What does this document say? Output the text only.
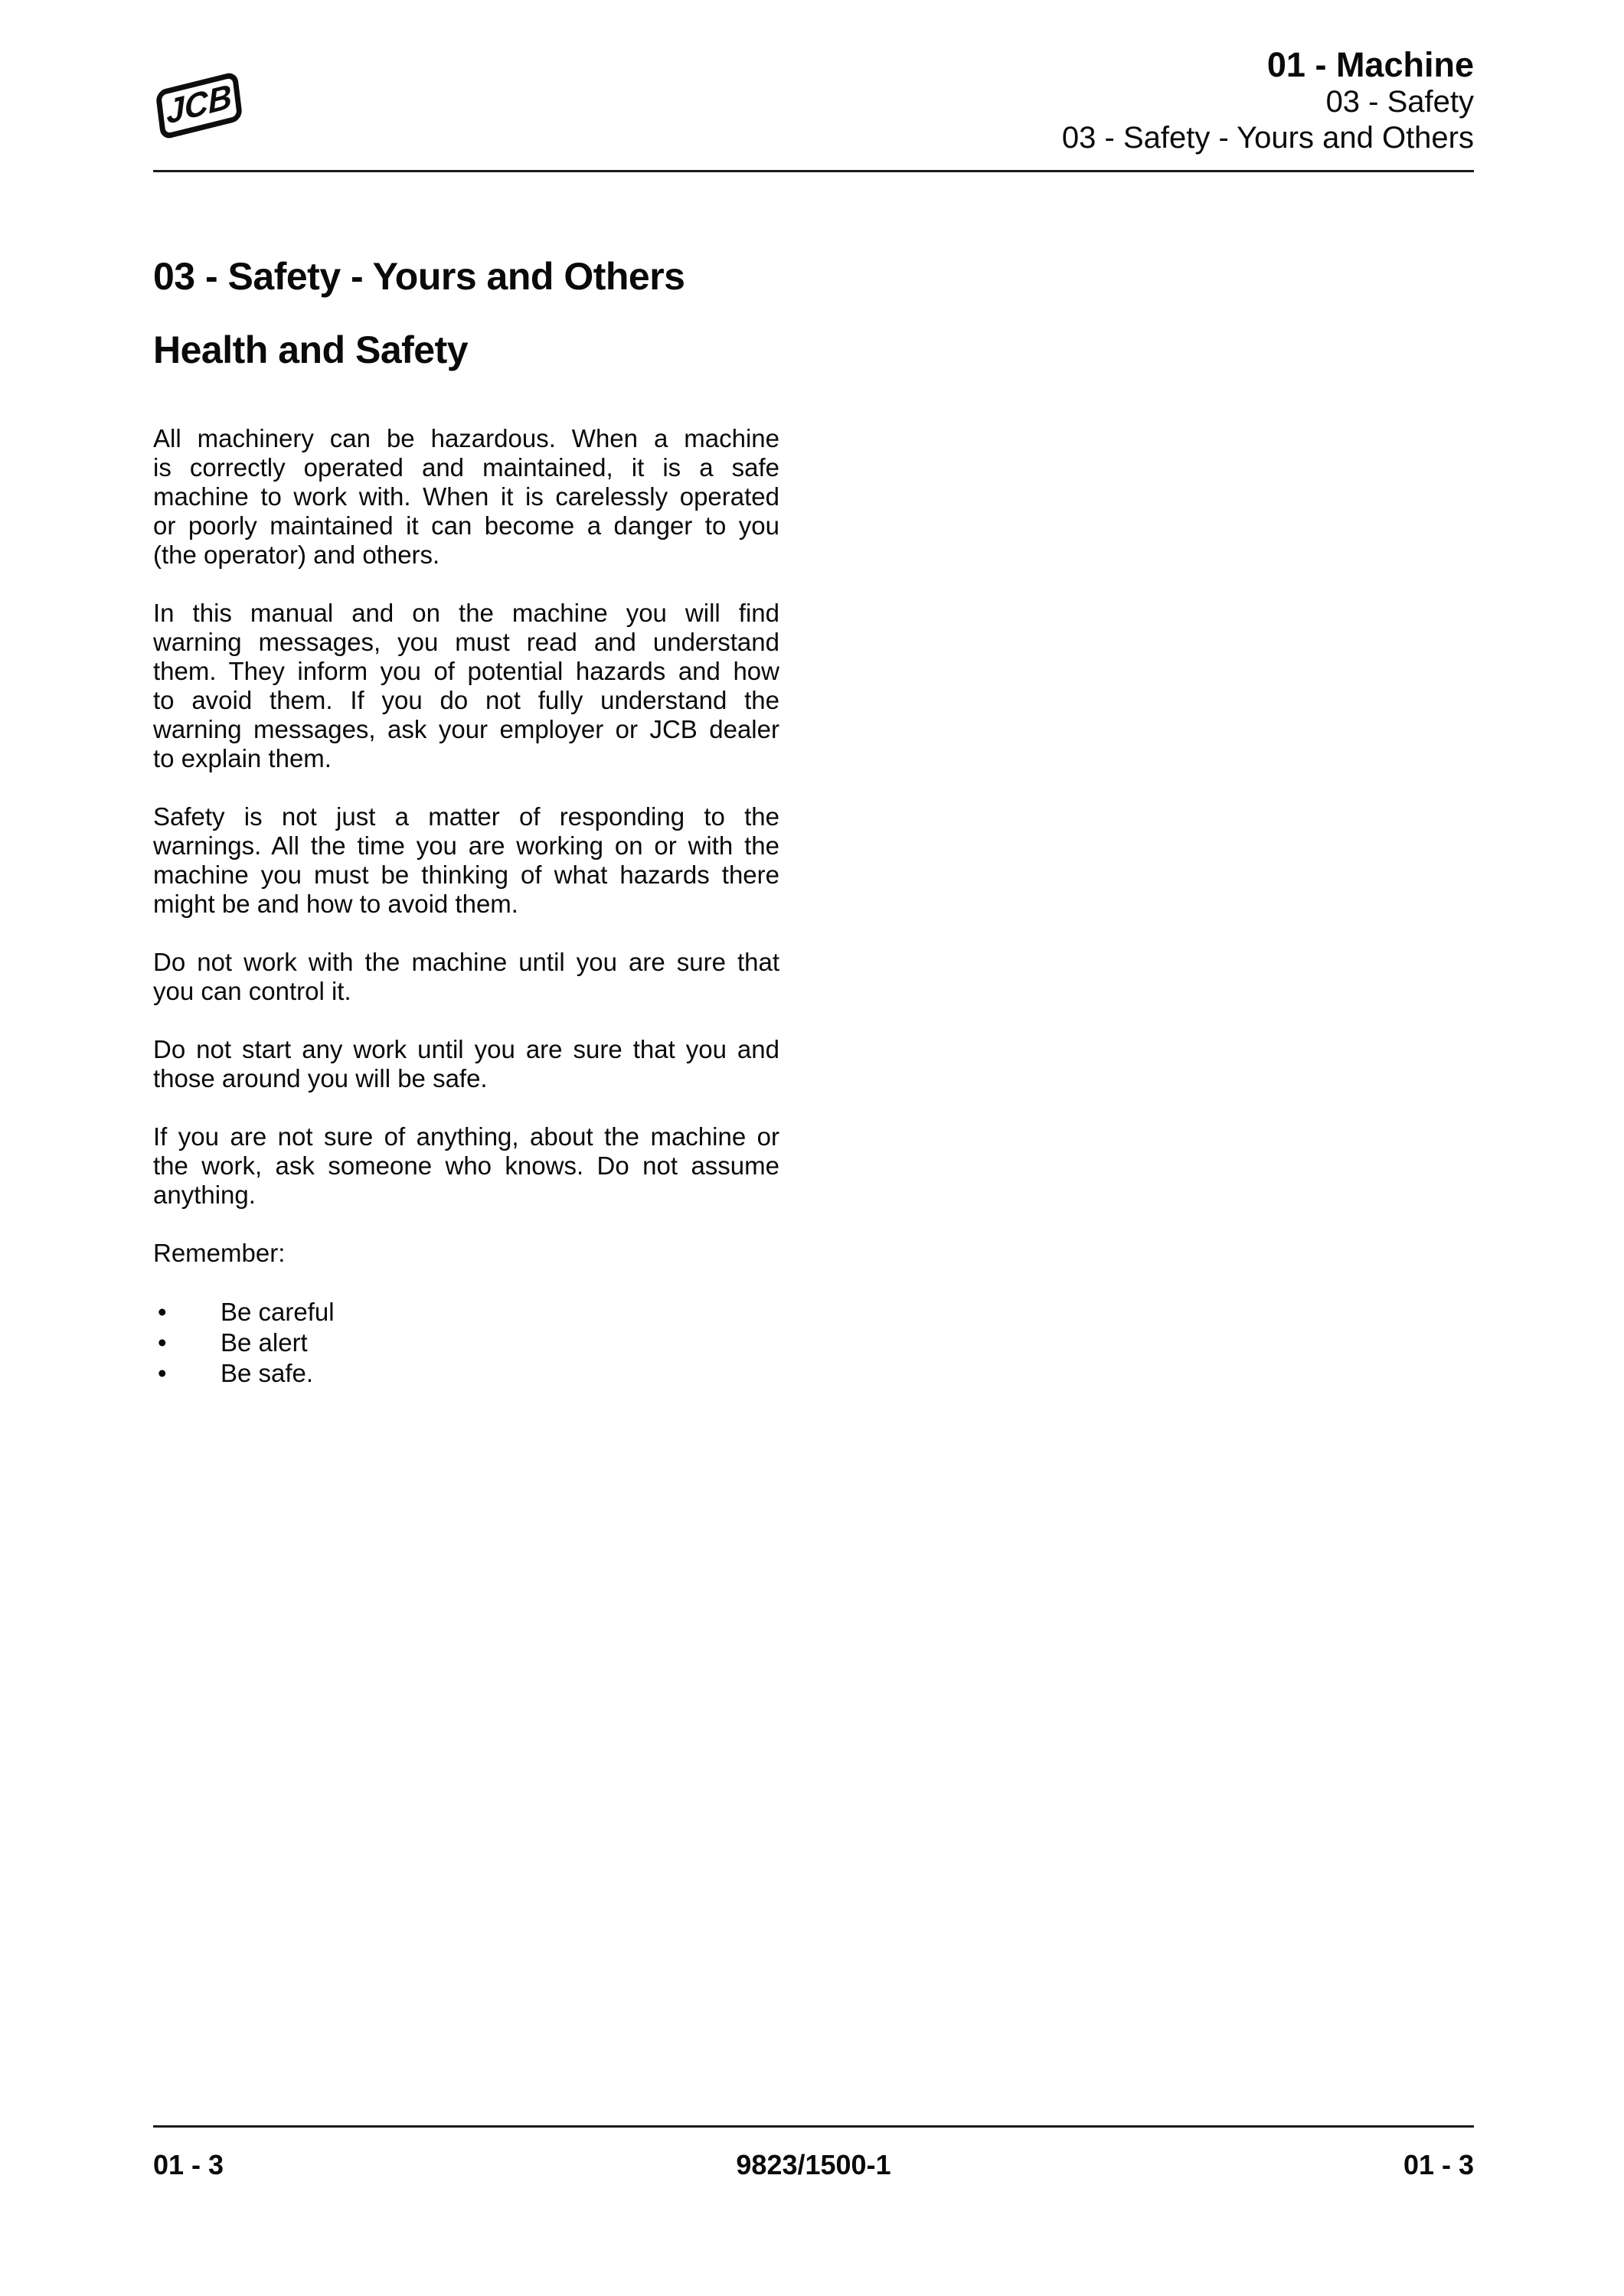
JCB
01 - Machine
03 - Safety
03 - Safety - Yours and Others
03 - Safety - Yours and Others
Health and Safety
All machinery can be hazardous. When a machine
is correctly operated and maintained, it is a safe
machine to work with. When it is carelessly operated
or poorly maintained it can become a danger to you
(the operator) and others.
In this manual and on the machine you will find
warning messages, you must read and understand
them. They inform you of potential hazards and how
to avoid them. If you do not fully understand the
warning messages, ask your employer or JCB dealer
to explain them.
Safety is not just a matter of responding to the
warnings. All the time you are working on or with the
machine you must be thinking of what hazards there
might be and how to avoid them.
Do not work with the machine until you are sure that
you can control it.
Do not start any work until you are sure that you and
those around you will be safe.
If you are not sure of anything, about the machine or
the work, ask someone who knows. Do not assume
anything.
Remember:
•	Be careful
•	Be alert
•	Be safe.
01 - 3	9823/1500-1	01 - 3
